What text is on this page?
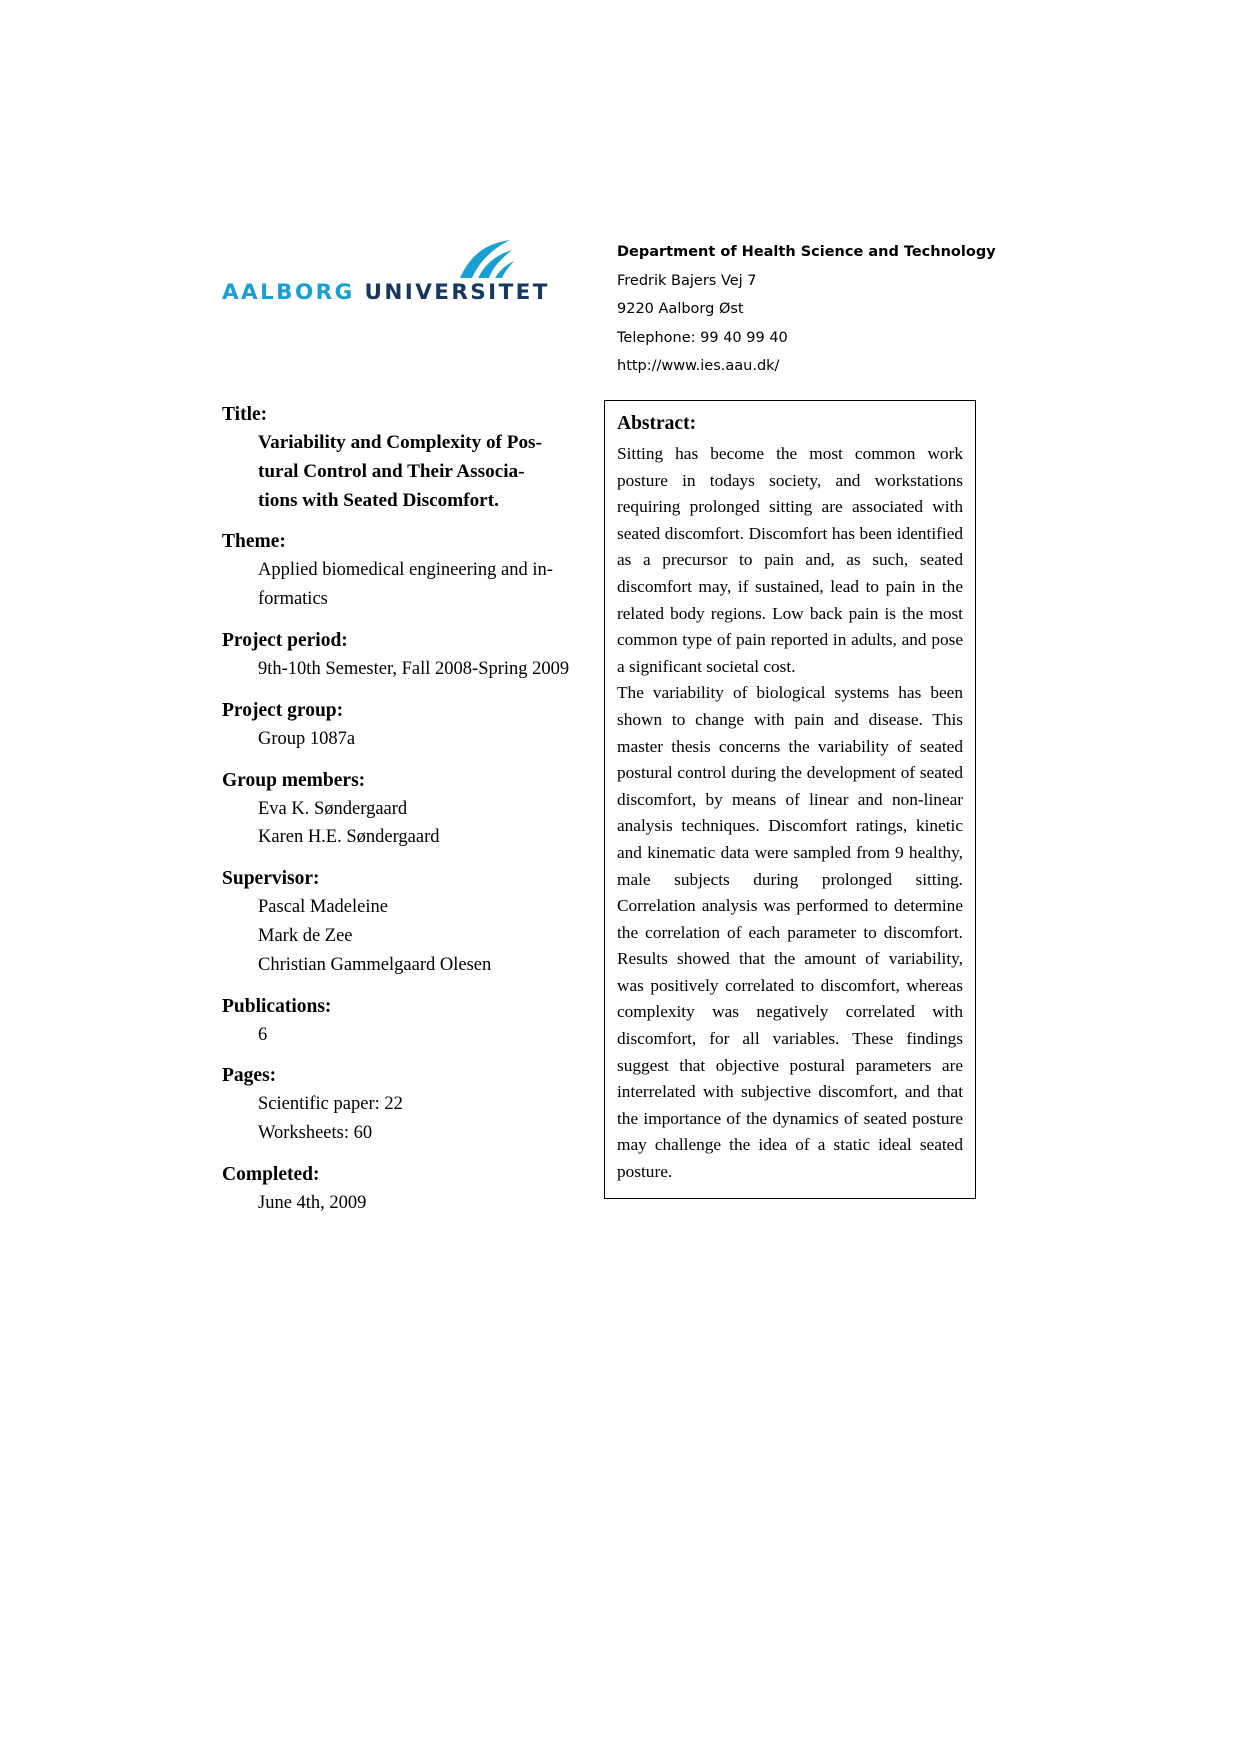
AALBORG UNIVERSITET
Department of Health Science and Technology
Fredrik Bajers Vej 7
9220 Aalborg Øst
Telephone: 99 40 99 40
http://www.ies.aau.dk/
Title:
Variability and Complexity of Pos-
tural Control and Their Associa-
tions with Seated Discomfort.
Theme:
Applied biomedical engineering and in-
formatics
Project period:
9th-10th Semester, Fall 2008-Spring 2009
Project group:
Group 1087a
Group members:
Eva K. Søndergaard
Karen H.E. Søndergaard
Supervisor:
Pascal Madeleine
Mark de Zee
Christian Gammelgaard Olesen
Publications:
6
Pages:
Scientific paper: 22
Worksheets: 60
Completed:
June 4th, 2009
Abstract:

Sitting has become the most common work posture in todays society, and workstations requiring prolonged sitting are associated with seated discomfort. Discomfort has been identified as a precursor to pain and, as such, seated discomfort may, if sustained, lead to pain in the related body regions. Low back pain is the most common type of pain reported in adults, and pose a significant societal cost.

The variability of biological systems has been shown to change with pain and disease. This master thesis concerns the variability of seated postural control during the development of seated discomfort, by means of linear and non-linear analysis techniques. Discomfort ratings, kinetic and kinematic data were sampled from 9 healthy, male subjects during prolonged sitting. Correlation analysis was performed to determine the correlation of each parameter to discomfort. Results showed that the amount of variability, was positively correlated to discomfort, whereas complexity was negatively correlated with discomfort, for all variables. These findings suggest that objective postural parameters are interrelated with subjective discomfort, and that the importance of the dynamics of seated posture may challenge the idea of a static ideal seated posture.
